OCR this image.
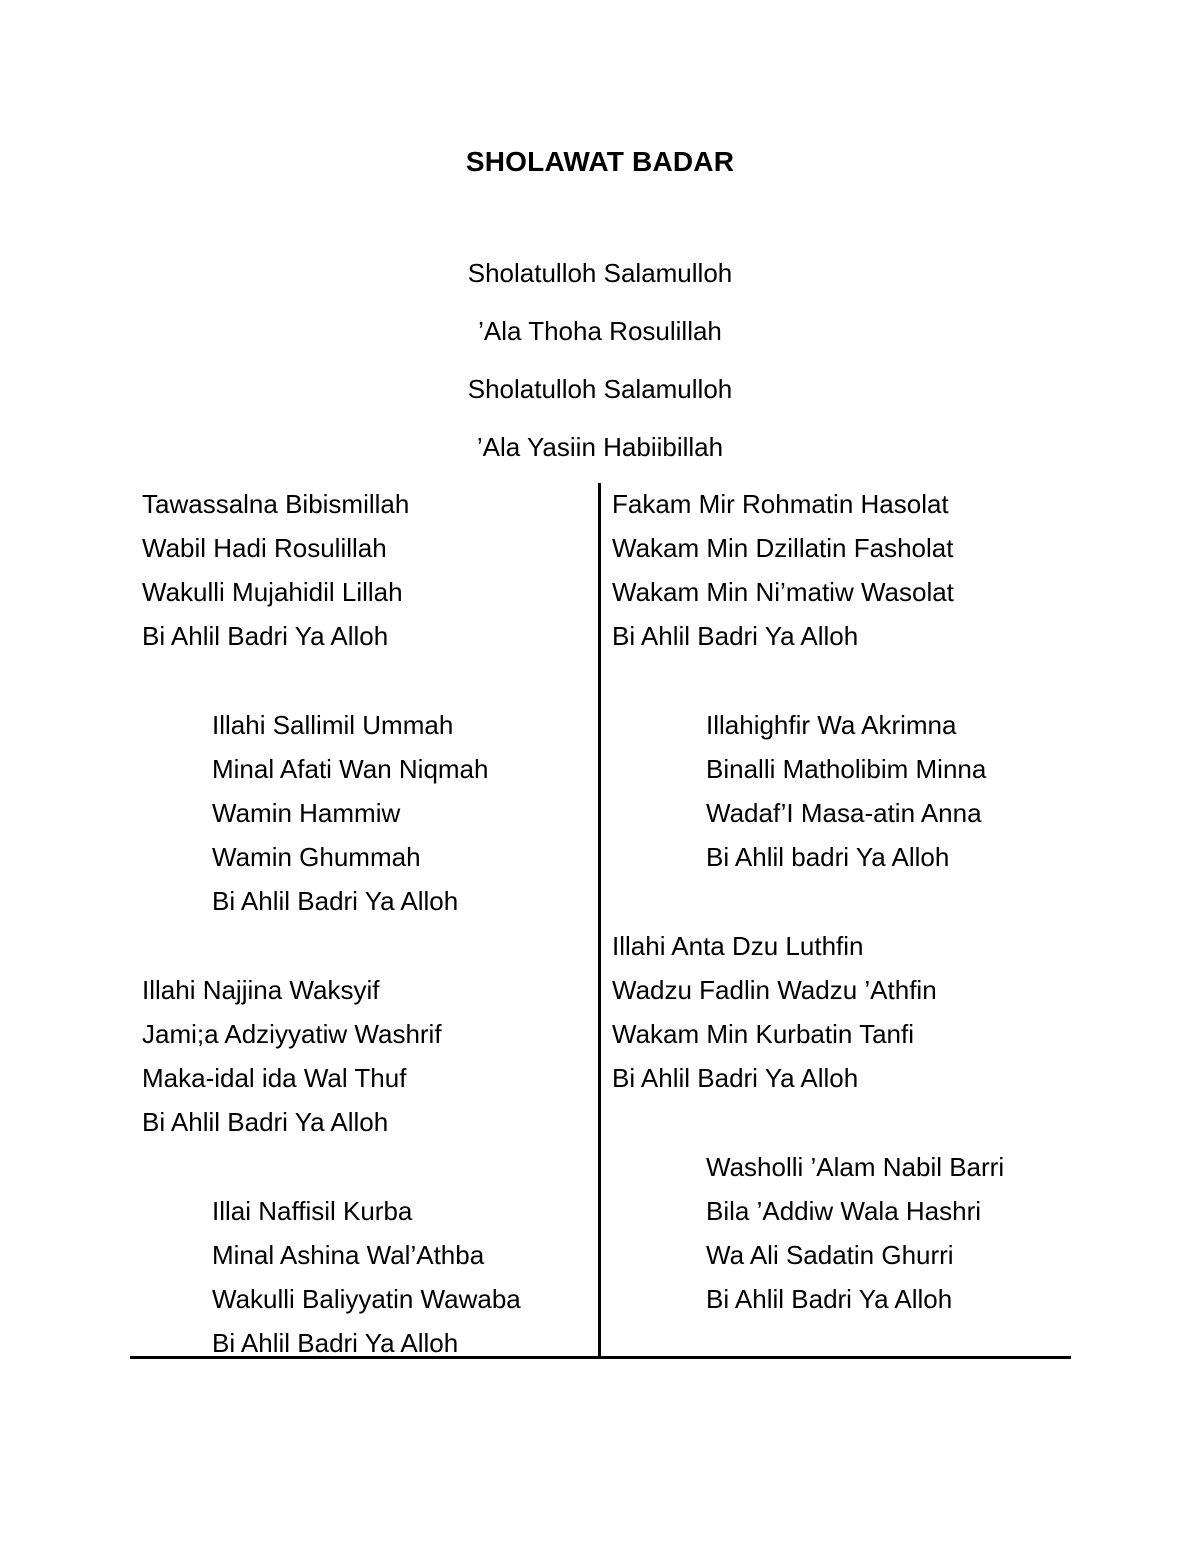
SHOLAWAT BADAR
Sholatulloh Salamulloh
’Ala Thoha Rosulillah
Sholatulloh Salamulloh
’Ala Yasiin Habiibillah
Tawassalna Bibismillah
Wabil Hadi Rosulillah
Wakulli Mujahidil Lillah
Bi Ahlil Badri Ya Alloh
Illahi Sallimil Ummah
Minal Afati Wan Niqmah
Wamin Hammiw
Wamin Ghummah
Bi Ahlil Badri Ya Alloh
Illahi Najjina Waksyif
Jami;a Adziyyatiw Washrif
Maka-idal ida Wal Thuf
Bi Ahlil Badri Ya Alloh
Illai Naffisil Kurba
Minal Ashina Wal’Athba
Wakulli Baliyyatin Wawaba
Bi Ahlil Badri Ya Alloh
Fakam Mir Rohmatin Hasolat
Wakam Min Dzillatin Fasholat
Wakam Min Ni’matiw Wasolat
Bi Ahlil Badri Ya Alloh
Illahighfir Wa Akrimna
Binalli Matholibim Minna
Wadaf’I Masa-atin Anna
Bi Ahlil badri Ya Alloh
Illahi Anta Dzu Luthfin
Wadzu Fadlin Wadzu ’Athfin
Wakam Min Kurbatin Tanfi
Bi Ahlil Badri Ya Alloh
Washolli ’Alam Nabil Barri
Bila ’Addiw Wala Hashri
Wa Ali Sadatin Ghurri
Bi Ahlil Badri Ya Alloh
